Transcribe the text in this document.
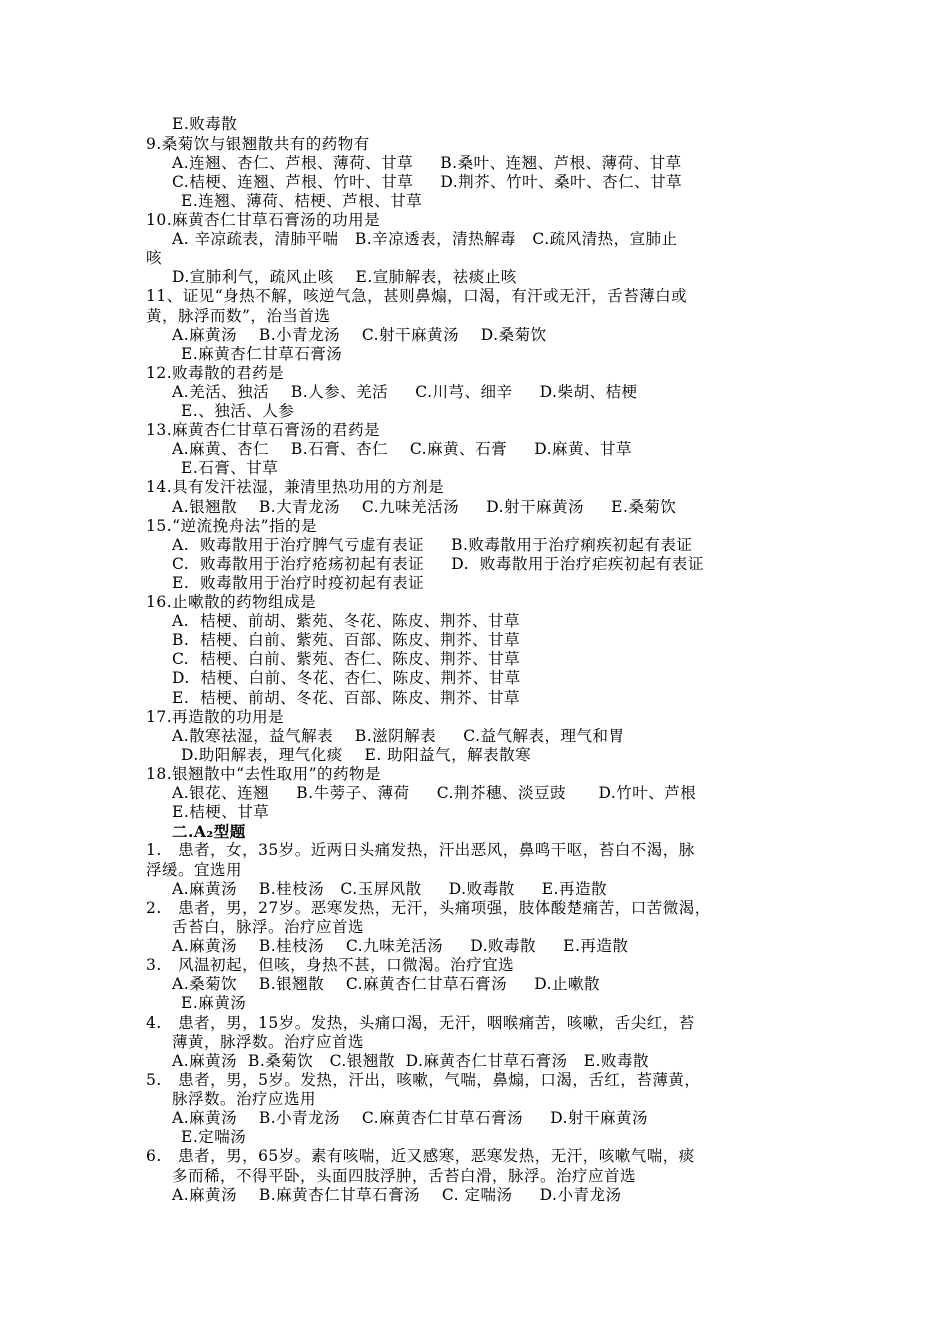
E.败毒散
9.桑菊饮与银翘散共有的药物有
A.连翘、杏仁、芦根、薄荷、甘草     B.桑叶、连翘、芦根、薄荷、甘草
C.桔梗、连翘、芦根、竹叶、甘草     D.荆芥、竹叶、桑叶、杏仁、甘草
E.连翘、薄荷、桔梗、芦根、甘草
10.麻黄杏仁甘草石膏汤的功用是
A. 辛凉疏表，清肺平喘   B.辛凉透表，清热解毒   C.疏风清热，宣肺止
咳
D.宣肺利气，疏风止咳    E.宣肺解表，祛痰止咳
11、证见“身热不解，咳逆气急，甚则鼻煽，口渴，有汗或无汗，舌苔薄白或
黄，脉浮而数”，治当首选
A.麻黄汤    B.小青龙汤    C.射干麻黄汤    D.桑菊饮
E.麻黄杏仁甘草石膏汤
12.败毒散的君药是
A.羌活、独活    B.人参、羌活     C.川芎、细辛     D.柴胡、桔梗
E.、独活、人参
13.麻黄杏仁甘草石膏汤的君药是
A.麻黄、杏仁    B.石膏、杏仁    C.麻黄、石膏     D.麻黄、甘草
E.石膏、甘草
14.具有发汗祛湿，兼清里热功用的方剂是
A.银翘散    B.大青龙汤    C.九味羌活汤     D.射干麻黄汤     E.桑菊饮
15.“逆流挽舟法”指的是
A.  败毒散用于治疗脾气亏虚有表证     B.败毒散用于治疗痢疾初起有表证
C.  败毒散用于治疗疮疡初起有表证     D.  败毒散用于治疗疟疾初起有表证
E.  败毒散用于治疗时疫初起有表证
16.止嗽散的药物组成是
A.  桔梗、前胡、紫苑、冬花、陈皮、荆芥、甘草
B.  桔梗、白前、紫苑、百部、陈皮、荆芥、甘草
C.  桔梗、白前、紫苑、杏仁、陈皮、荆芥、甘草
D.  桔梗、白前、冬花、杏仁、陈皮、荆芥、甘草
E.  桔梗、前胡、冬花、百部、陈皮、荆芥、甘草
17.再造散的功用是
A.散寒祛湿，益气解表    B.滋阴解表     C.益气解表，理气和胃
D.助阳解表，理气化痰    E. 助阳益气，解表散寒
18.银翘散中“去性取用”的药物是
A.银花、连翘     B.牛蒡子、薄荷     C.荆芥穗、淡豆豉      D.竹叶、芦根
E.桔梗、甘草
二.A₂型题
1.   患者，女，35岁。近两日头痛发热，汗出恶风，鼻鸣干呕，苔白不渴，脉
浮缓。宜选用
A.麻黄汤    B.桂枝汤   C.玉屏风散     D.败毒散     E.再造散
2.   患者，男，27岁。恶寒发热，无汗，头痛项强，肢体酸楚痛苦，口苦微渴，
舌苔白，脉浮。治疗应首选
A.麻黄汤    B.桂枝汤    C.九味羌活汤     D.败毒散     E.再造散
3.   风温初起，但咳，身热不甚，口微渴。治疗宜选
A.桑菊饮    B.银翘散    C.麻黄杏仁甘草石膏汤     D.止嗽散
E.麻黄汤
4.   患者，男，15岁。发热，头痛口渴，无汗，咽喉痛苦，咳嗽，舌尖红，苔
薄黄，脉浮数。治疗应首选
A.麻黄汤  B.桑菊饮   C.银翘散  D.麻黄杏仁甘草石膏汤   E.败毒散
5.   患者，男，5岁。发热，汗出，咳嗽，气喘，鼻煽，口渴，舌红，苔薄黄，
脉浮数。治疗应选用
A.麻黄汤    B.小青龙汤    C.麻黄杏仁甘草石膏汤     D.射干麻黄汤
E.定喘汤
6.   患者，男，65岁。素有咳喘，近又感寒，恶寒发热，无汗，咳嗽气喘，痰
多而稀，不得平卧，头面四肢浮肿，舌苔白滑，脉浮。治疗应首选
A.麻黄汤    B.麻黄杏仁甘草石膏汤    C. 定喘汤     D.小青龙汤
